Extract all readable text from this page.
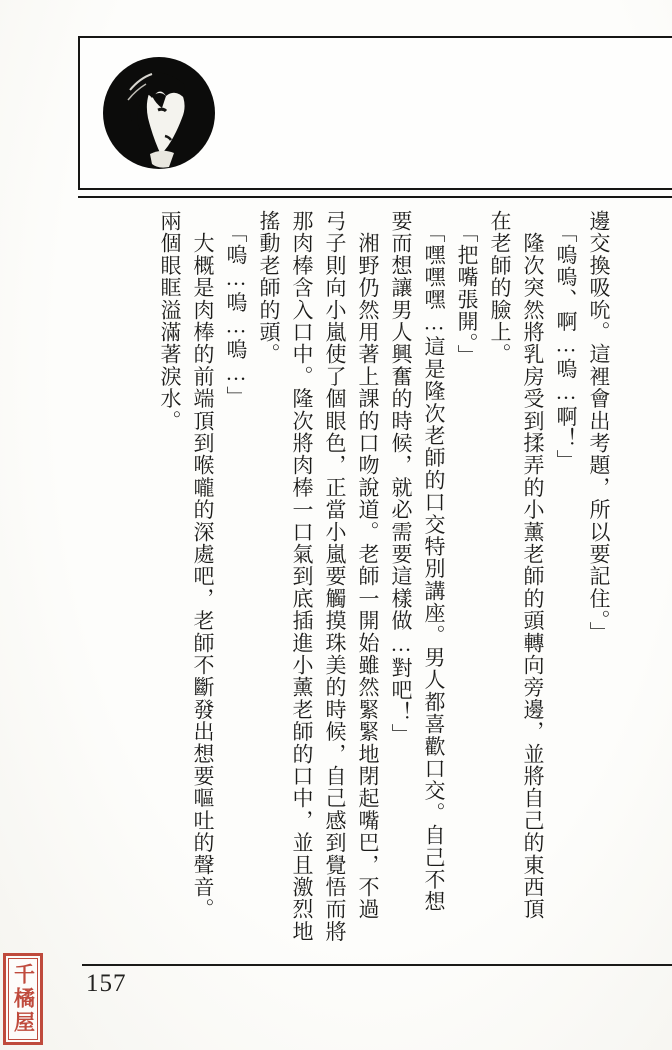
邊交換吸吮。這裡會出考題，所以要記住。」
　「嗚嗚、啊…嗚…啊！」
　隆次突然將乳房受到揉弄的小薰老師的頭轉向旁邊，並將自己的東西頂
在老師的臉上。
　「把嘴張開。」
　「嘿嘿嘿…這是隆次老師的口交特別講座。男人都喜歡口交。自己不想
要而想讓男人興奮的時候，就必需要這樣做…對吧！」
　湘野仍然用著上課的口吻說道。老師一開始雖然緊緊地閉起嘴巴，不過
弓子則向小嵐使了個眼色，正當小嵐要觸摸珠美的時候，自己感到覺悟而將
那肉棒含入口中。隆次將肉棒一口氣到底插進小薰老師的口中，並且激烈地
搖動老師的頭。
　「嗚…嗚…嗚…」
　大概是肉棒的前端頂到喉嚨的深處吧，老師不斷發出想要嘔吐的聲音。
兩個眼眶溢滿著淚水。
157
千橘屋
